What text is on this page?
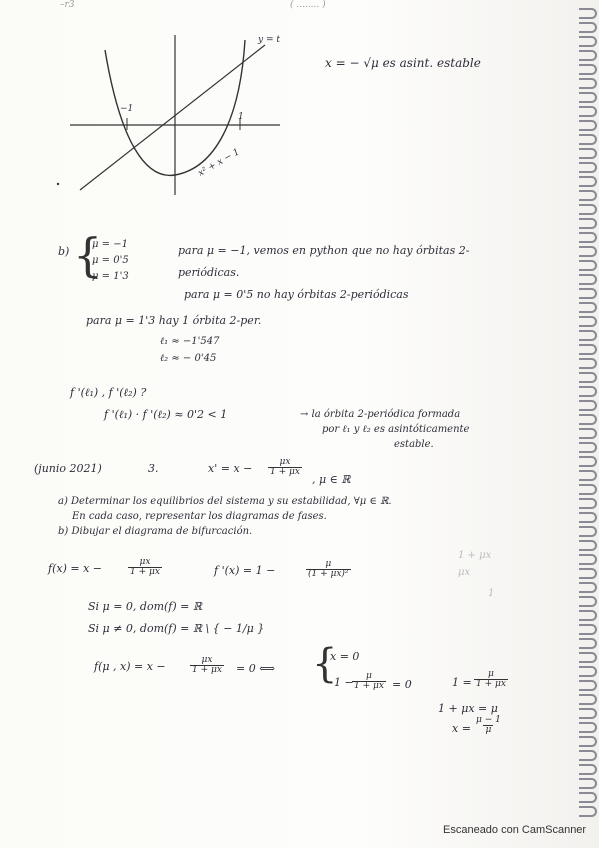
–r3	( ........ )
y = t
x² + x − 1
−1
1
x = − √μ es asint. estable
b) {
μ = −1
μ = 0'5
μ = 1'3
para μ = −1, vemos en python que no hay órbitas 2-periódicas.
para μ = 0'5 no hay órbitas 2-periódicas
para μ = 1'3 hay 1 órbita 2-per.
ℓ₁ ≈ −1'547
ℓ₂ ≈ − 0'45
f '(ℓ₁) , f '(ℓ₂) ?
f '(ℓ₁) · f '(ℓ₂) ≈ 0'2 < 1	→ la órbita 2-periódica formada
por ℓ₁ y ℓ₂ es asintóticamente
estable.
(junio 2021)	3.	$x' = x - \frac{\mu x}{1 + \mu x}$
, μ ∈ ℝ
a) Determinar los equilibrios del sistema y su estabilidad, ∀μ ∈ ℝ.
En cada caso, representar los diagramas de fases.
b) Dibujar el diagrama de bifurcación.
1 + μx
μx
1
f(x) = x −	$\frac{\mu x}{1 + \mu x}$	f '(x) = 1 −	$\frac{\mu}{\text{(1 + μx)²}}$
Si μ = 0, dom(f) = ℝ
Si μ ≠ 0, dom(f) = ℝ \ { − 1/μ }
f(μ , x) = x −	$\frac{\mu x}{1 + \mu x} = 0$ ⟺ {
x = 0
1 −
$\frac{\mu}{1 + \mu x} = 0$	$1 = \frac{\mu}{1 + \mu x}$
1 + μx = μ
$x = \frac{\mu - 1}{\mu}$
Escaneado con CamScanner
